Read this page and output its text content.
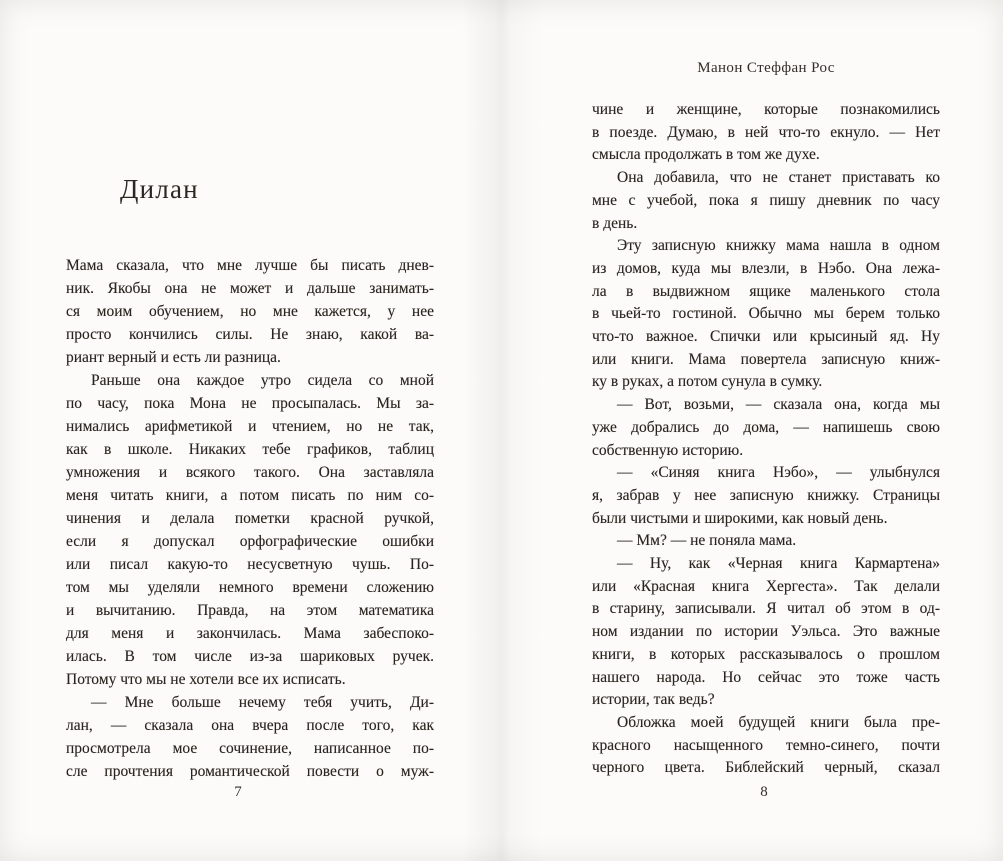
Дилан
Мама сказала, что мне лучше бы писать днев-
ник. Якобы она не может и дальше занимать-
ся моим обучением, но мне кажется, у нее
просто кончились силы. Не знаю, какой ва-
риант верный и есть ли разница.
Раньше она каждое утро сидела со мной
по часу, пока Мона не просыпалась. Мы за-
нимались арифметикой и чтением, но не так,
как в школе. Никаких тебе графиков, таблиц
умножения и всякого такого. Она заставляла
меня читать книги, а потом писать по ним со-
чинения и делала пометки красной ручкой,
если я допускал орфографические ошибки
или писал какую-то несусветную чушь. По-
том мы уделяли немного времени сложению
и вычитанию. Правда, на этом математика
для меня и закончилась. Мама забеспоко-
илась. В том числе из-за шариковых ручек.
Потому что мы не хотели все их исписать.
— Мне больше нечему тебя учить, Ди-
лан, — сказала она вчера после того, как
просмотрела мое сочинение, написанное по-
сле прочтения романтической повести о муж-
7
Манон Стеффан Рос
чине и женщине, которые познакомились
в поезде. Думаю, в ней что-то екнуло. — Нет
смысла продолжать в том же духе.
Она добавила, что не станет приставать ко
мне с учебой, пока я пишу дневник по часу
в день.
Эту записную книжку мама нашла в одном
из домов, куда мы влезли, в Нэбо. Она лежа-
ла в выдвижном ящике маленького стола
в чьей-то гостиной. Обычно мы берем только
что-то важное. Спички или крысиный яд. Ну
или книги. Мама повертела записную книж-
ку в руках, а потом сунула в сумку.
— Вот, возьми, — сказала она, когда мы
уже добрались до дома, — напишешь свою
собственную историю.
— «Синяя книга Нэбо», — улыбнулся
я, забрав у нее записную книжку. Страницы
были чистыми и широкими, как новый день.
— Мм? — не поняла мама.
— Ну, как «Черная книга Кармартена»
или «Красная книга Хергеста». Так делали
в старину, записывали. Я читал об этом в од-
ном издании по истории Уэльса. Это важные
книги, в которых рассказывалось о прошлом
нашего народа. Но сейчас это тоже часть
истории, так ведь?
Обложка моей будущей книги была пре-
красного насыщенного темно-синего, почти
черного цвета. Библейский черный, сказал
8
